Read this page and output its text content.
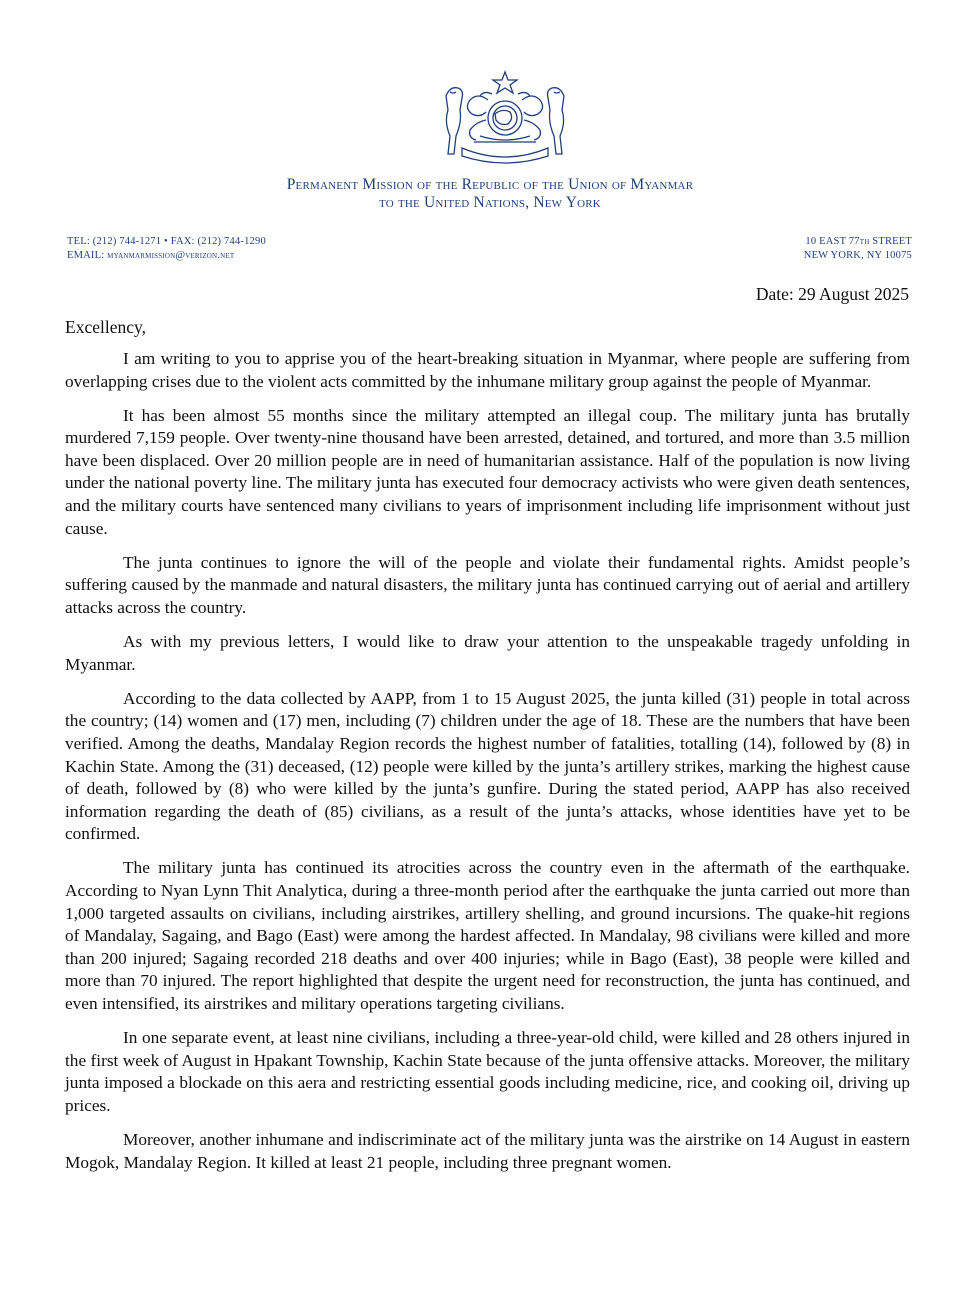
Permanent Mission of the Republic of the Union of Myanmar
to the United Nations, New York
TEL: (212) 744-1271 • FAX: (212) 744-1290
EMAIL: myanmarmission@verizon.net
10 EAST 77th STREET
NEW YORK, NY 10075
Date: 29 August 2025
Excellency,

I am writing to you to apprise you of the heart-breaking situation in Myanmar, where people are suffering from overlapping crises due to the violent acts committed by the inhumane military group against the people of Myanmar.

It has been almost 55 months since the military attempted an illegal coup. The military junta has brutally murdered 7,159 people. Over twenty-nine thousand have been arrested, detained, and tortured, and more than 3.5 million have been displaced. Over 20 million people are in need of humanitarian assistance. Half of the population is now living under the national poverty line. The military junta has executed four democracy activists who were given death sentences, and the military courts have sentenced many civilians to years of imprisonment including life imprisonment without just cause.

The junta continues to ignore the will of the people and violate their fundamental rights. Amidst people’s suffering caused by the manmade and natural disasters, the military junta has continued carrying out of aerial and artillery attacks across the country.

As with my previous letters, I would like to draw your attention to the unspeakable tragedy unfolding in Myanmar.

According to the data collected by AAPP, from 1 to 15 August 2025, the junta killed (31) people in total across the country; (14) women and (17) men, including (7) children under the age of 18. These are the numbers that have been verified. Among the deaths, Mandalay Region records the highest number of fatalities, totalling (14), followed by (8) in Kachin State. Among the (31) deceased, (12) people were killed by the junta’s artillery strikes, marking the highest cause of death, followed by (8) who were killed by the junta’s gunfire. During the stated period, AAPP has also received information regarding the death of (85) civilians, as a result of the junta’s attacks, whose identities have yet to be confirmed.

The military junta has continued its atrocities across the country even in the aftermath of the earthquake. According to Nyan Lynn Thit Analytica, during a three-month period after the earthquake the junta carried out more than 1,000 targeted assaults on civilians, including airstrikes, artillery shelling, and ground incursions. The quake-hit regions of Mandalay, Sagaing, and Bago (East) were among the hardest affected. In Mandalay, 98 civilians were killed and more than 200 injured; Sagaing recorded 218 deaths and over 400 injuries; while in Bago (East), 38 people were killed and more than 70 injured. The report highlighted that despite the urgent need for reconstruction, the junta has continued, and even intensified, its airstrikes and military operations targeting civilians.

In one separate event, at least nine civilians, including a three-year-old child, were killed and 28 others injured in the first week of August in Hpakant Township, Kachin State because of the junta offensive attacks. Moreover, the military junta imposed a blockade on this aera and restricting essential goods including medicine, rice, and cooking oil, driving up prices.

Moreover, another inhumane and indiscriminate act of the military junta was the airstrike on 14 August in eastern Mogok, Mandalay Region. It killed at least 21 people, including three pregnant women.
